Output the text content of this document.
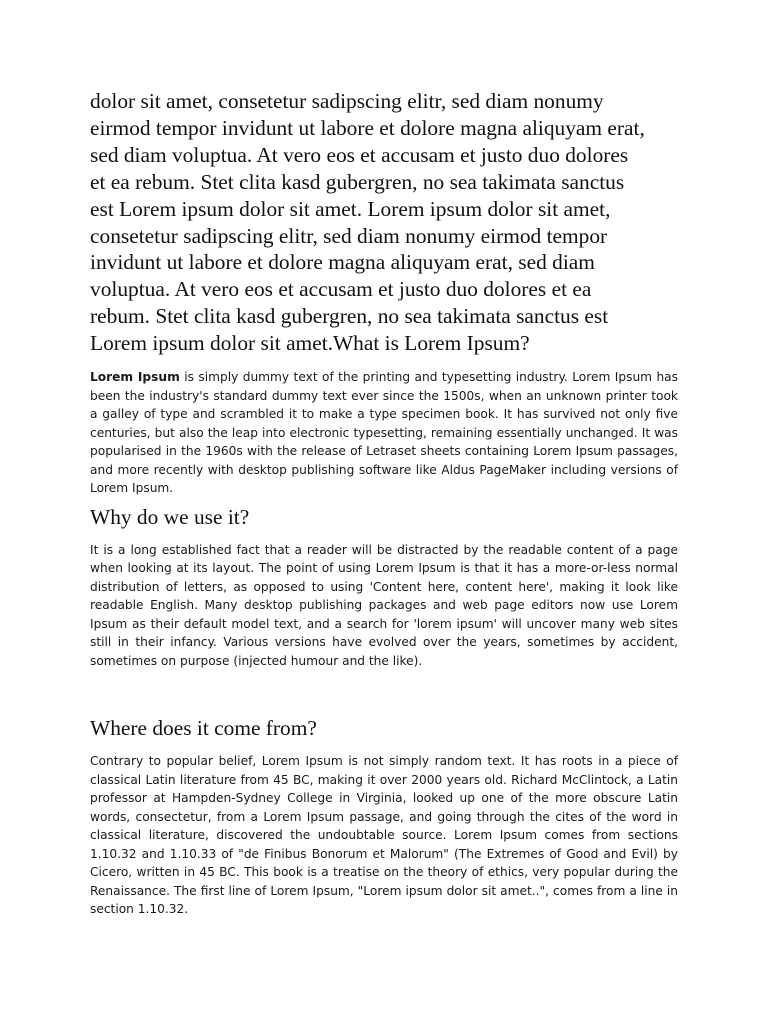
dolor sit amet, consetetur sadipscing elitr, sed diam nonumy
eirmod tempor invidunt ut labore et dolore magna aliquyam erat,
sed diam voluptua. At vero eos et accusam et justo duo dolores
et ea rebum. Stet clita kasd gubergren, no sea takimata sanctus
est Lorem ipsum dolor sit amet. Lorem ipsum dolor sit amet,
consetetur sadipscing elitr, sed diam nonumy eirmod tempor
invidunt ut labore et dolore magna aliquyam erat, sed diam
voluptua. At vero eos et accusam et justo duo dolores et ea
rebum. Stet clita kasd gubergren, no sea takimata sanctus est
Lorem ipsum dolor sit amet.What is Lorem Ipsum?

Lorem Ipsum is simply dummy text of the printing and typesetting industry. Lorem Ipsum has been the industry's standard dummy text ever since the 1500s, when an unknown printer took a galley of type and scrambled it to make a type specimen book. It has survived not only five centuries, but also the leap into electronic typesetting, remaining essentially unchanged. It was popularised in the 1960s with the release of Letraset sheets containing Lorem Ipsum passages, and more recently with desktop publishing software like Aldus PageMaker including versions of Lorem Ipsum.

Why do we use it?

It is a long established fact that a reader will be distracted by the readable content of a page when looking at its layout. The point of using Lorem Ipsum is that it has a more-or-less normal distribution of letters, as opposed to using 'Content here, content here', making it look like readable English. Many desktop publishing packages and web page editors now use Lorem Ipsum as their default model text, and a search for 'lorem ipsum' will uncover many web sites still in their infancy. Various versions have evolved over the years, sometimes by accident, sometimes on purpose (injected humour and the like).

Where does it come from?

Contrary to popular belief, Lorem Ipsum is not simply random text. It has roots in a piece of classical Latin literature from 45 BC, making it over 2000 years old. Richard McClintock, a Latin professor at Hampden-Sydney College in Virginia, looked up one of the more obscure Latin words, consectetur, from a Lorem Ipsum passage, and going through the cites of the word in classical literature, discovered the undoubtable source. Lorem Ipsum comes from sections 1.10.32 and 1.10.33 of "de Finibus Bonorum et Malorum" (The Extremes of Good and Evil) by Cicero, written in 45 BC. This book is a treatise on the theory of ethics, very popular during the Renaissance. The first line of Lorem Ipsum, "Lorem ipsum dolor sit amet..", comes from a line in section 1.10.32.
